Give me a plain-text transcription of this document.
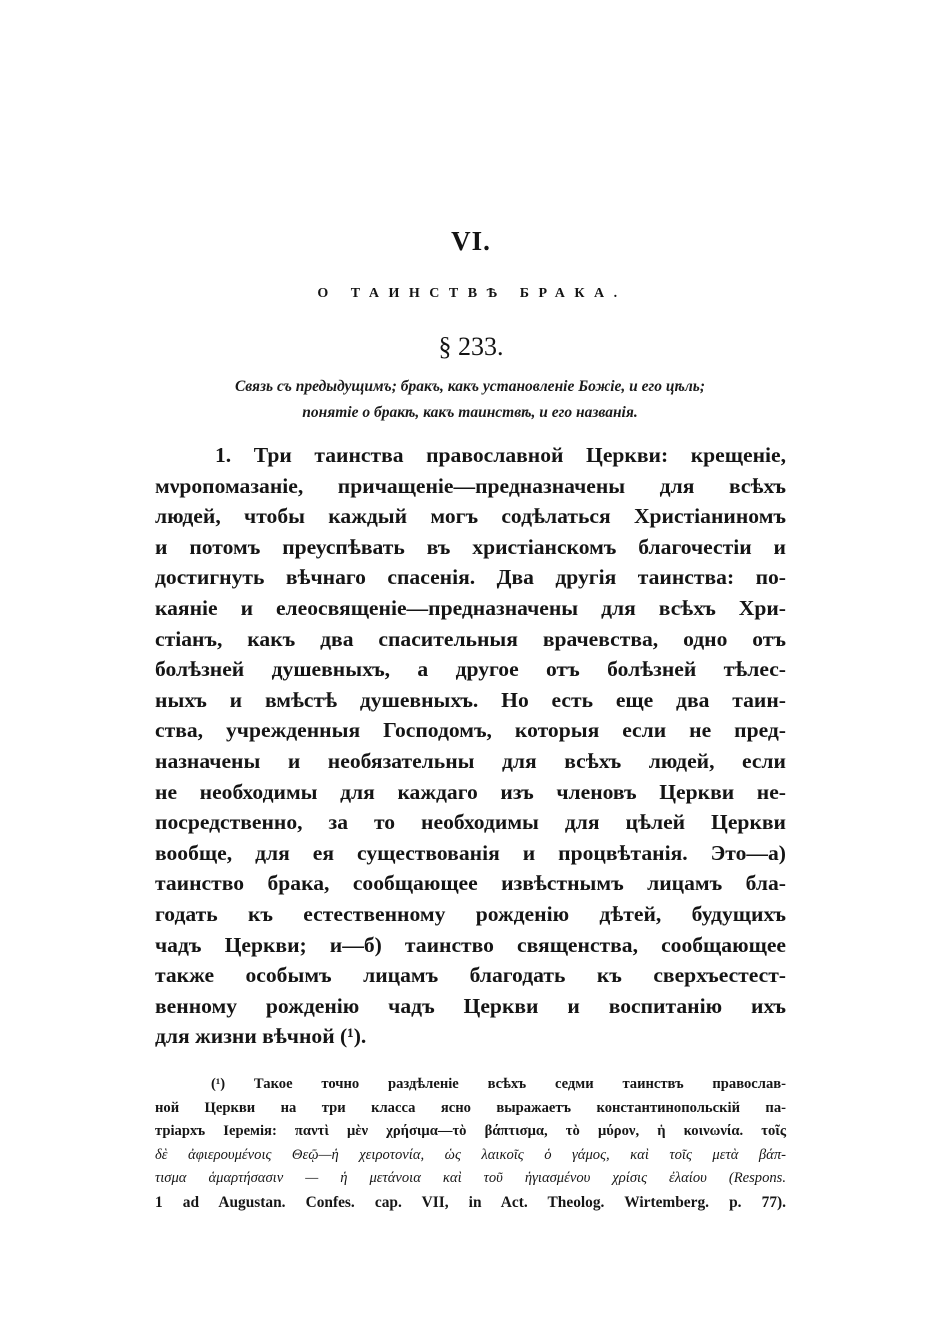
VI.
О ТАИНСТВѢ БРАКА.
§ 233.
Связь съ предыдущимъ; бракъ, какъ установленіе Божіе, и его цѣль;
понятіе о бракѣ, какъ таинствѣ, и его названія.
1. Три таинства православной Церкви: крещеніе,
мνропомазаніе, причащеніе—предназначены для всѣхъ
людей, чтобы каждый могъ содѣлаться Христіаниномъ
и потомъ преуспѣвать въ христіанскомъ благочестіи и
достигнуть вѣчнаго спасенія. Два другія таинства: по-
каяніе и елеосвященіе—предназначены для всѣхъ Хри-
стіанъ, какъ два спасительныя врачевства, одно отъ
болѣзней душевныхъ, а другое отъ болѣзней тѣлес-
ныхъ и вмѣстѣ душевныхъ. Но есть еще два таин-
ства, учрежденныя Господомъ, которыя если не пред-
назначены и необязательны для всѣхъ людей, если
не необходимы для каждаго изъ членовъ Церкви не-
посредственно, за то необходимы для цѣлей Церкви
вообще, для ея существованія и процвѣтанія. Это—а)
таинство брака, сообщающее извѣстнымъ лицамъ бла-
годать къ естественному рожденію дѣтей, будущихъ
чадъ Церкви; и—б) таинство священства, сообщающее
также особымъ лицамъ благодать къ сверхъестест-
венному рожденію чадъ Церкви и воспитанію ихъ
для жизни вѣчной (¹).
(¹) Такое точно раздѣленіе всѣхъ седми таинствъ православ-
ной Церкви на три класса ясно выражаетъ константинопольскій па-
тріархъ Іеремія: παντὶ μὲν χρήσιμα—τὸ βάπτισμα, τὸ μύρον, ἡ κοινωνία. τοῖς
δὲ ἀφιερουμένοις Θεῷ—ἡ χειροτονία, ὡς λαικοῖς ὁ γάμος, καὶ τοῖς μετὰ βάπ-
τισμα ἁμαρτήσασιν — ἡ μετάνοια καὶ τοῦ ἡγιασμένου χρίσις ἐλαίου (Respons.
1 ad Augustan. Confes. cap. VII, in Act. Theolog. Wirtemberg. p. 77).
